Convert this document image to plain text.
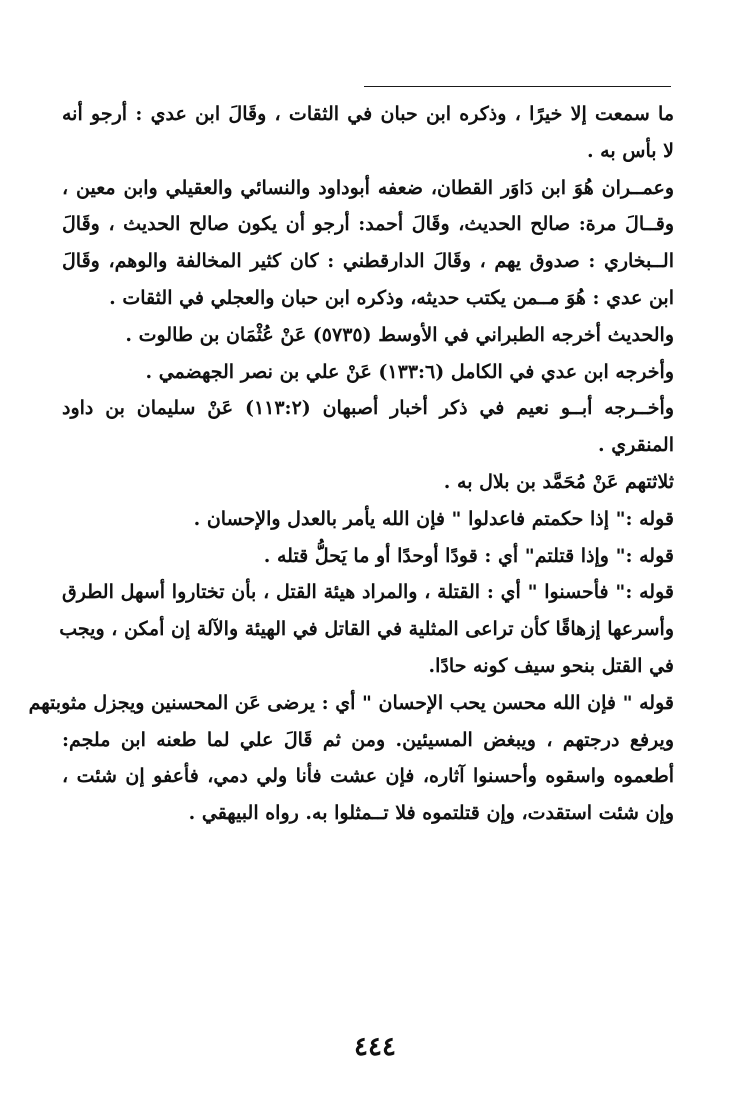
ما سمعت إلا خيرًا ، وذكره ابن حبان في الثقات ، وقَالَ ابن عدي : أرجو أنه
لا بأس به .
وعمــران هُوَ ابن دَاوَر القطان، ضعفه أبوداود والنسائي والعقيلي وابن معين ،
وقــالَ مرة: صالح الحديث، وقَالَ أحمد: أرجو أن يكون صالح الحديث ، وقَالَ
الــبخاري : صدوق يهم ، وقَالَ الدارقطني : كان كثير المخالفة والوهم، وقَالَ
ابن عدي : هُوَ مــمن يكتب حديثه، وذكره ابن حبان والعجلي في الثقات .
والحديث أخرجه الطبراني في الأوسط (٥٧٣٥) عَنْ عُثْمَان بن طالوت .
وأخرجه ابن عدي في الكامل (١٣٣:٦) عَنْ علي بن نصر الجهضمي .
وأخــرجه أبــو نعيم في ذكر أخبار أصبهان (١١٣:٢) عَنْ سليمان بن داود
المنقري .
ثلاثتهم عَنْ مُحَمَّد بن بلال به .
قوله :" إذا حكمتم فاعدلوا " فإن الله يأمر بالعدل والإحسان .
قوله :" وإذا قتلتم" أي : قودًا أوحدًا أو ما يَحلُّ قتله .
قوله :" فأحسنوا " أي : القتلة ، والمراد هيئة القتل ، بأن تختاروا أسهل الطرق
وأسرعها إزهاقًا كأن تراعى المثلية في القاتل في الهيئة والآلة إن أمكن ، ويجب
في القتل بنحو سيف كونه حادًا.
قوله " فإن الله محسن يحب الإحسان " أي : يرضى عَن المحسنين ويجزل مثوبتهم
ويرفع درجتهم ، ويبغض المسيئين. ومن ثم قَالَ علي لما طعنه ابن ملجم:
أطعموه واسقوه وأحسنوا آثاره، فإن عشت فأنا ولي دمي، فأعفو إن شئت ،
وإن شئت استقدت، وإن قتلتموه فلا تــمثلوا به. رواه البيهقي .
٤٤٤
